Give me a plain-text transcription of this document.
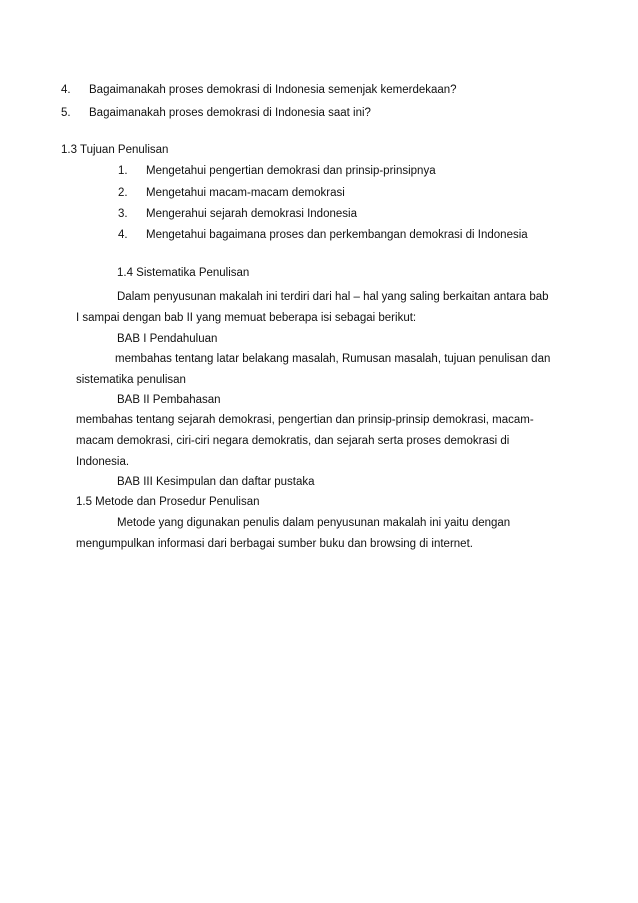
4. Bagaimanakah proses demokrasi di Indonesia semenjak kemerdekaan?
5. Bagaimanakah proses demokrasi di Indonesia saat ini?
1.3 Tujuan Penulisan
1. Mengetahui pengertian demokrasi dan prinsip-prinsipnya
2. Mengetahui macam-macam demokrasi
3. Mengerahui sejarah demokrasi Indonesia
4. Mengetahui bagaimana proses dan perkembangan demokrasi di Indonesia
1.4 Sistematika Penulisan
Dalam penyusunan makalah ini terdiri dari hal – hal yang saling berkaitan antara bab
I sampai dengan bab II yang memuat beberapa isi sebagai berikut:
BAB I Pendahuluan
membahas tentang latar belakang masalah, Rumusan masalah, tujuan penulisan dan
sistematika penulisan
BAB II Pembahasan
membahas tentang sejarah demokrasi, pengertian dan prinsip-prinsip demokrasi, macam-
macam demokrasi, ciri-ciri negara demokratis, dan sejarah serta proses demokrasi di
Indonesia.
BAB III Kesimpulan dan daftar pustaka
1.5 Metode dan Prosedur Penulisan
Metode yang digunakan penulis dalam penyusunan makalah ini yaitu dengan
mengumpulkan informasi dari berbagai sumber buku dan browsing di internet.
